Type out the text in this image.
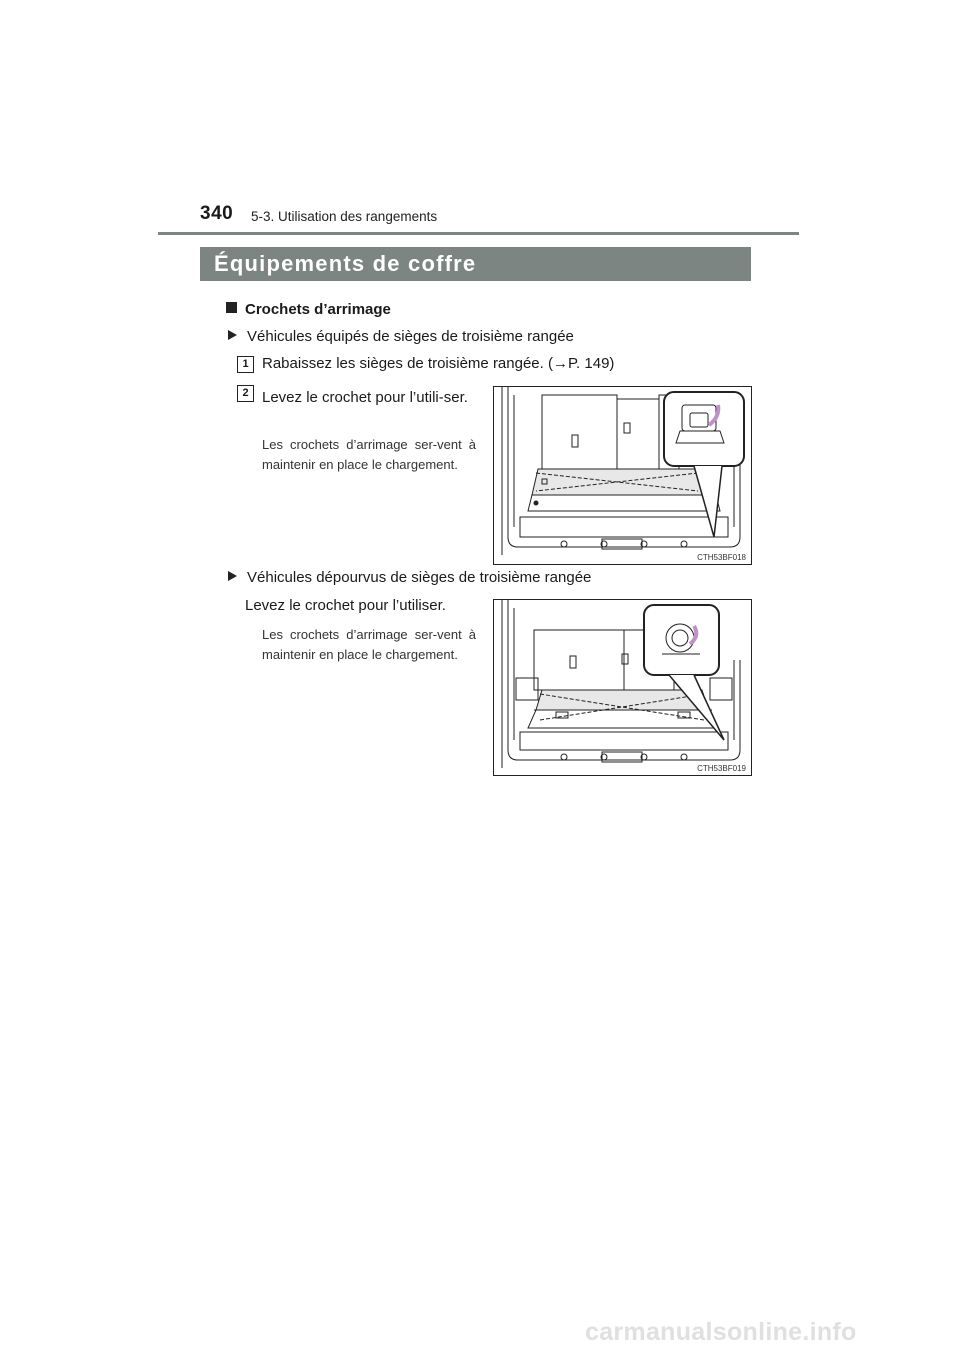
340 5-3. Utilisation des rangements
Équipements de coffre
Crochets d’arrimage
Véhicules équipés de sièges de troisième rangée
1 Rabaissez les sièges de troisième rangée. (→P. 149)
2 Levez le crochet pour l’utili-ser.
Les crochets d’arrimage ser-vent à maintenir en place le chargement.
CTH53BF018
Véhicules dépourvus de sièges de troisième rangée
Levez le crochet pour l’utiliser.
Les crochets d’arrimage ser-vent à maintenir en place le chargement.
CTH53BF019
carmanualsonline.info
